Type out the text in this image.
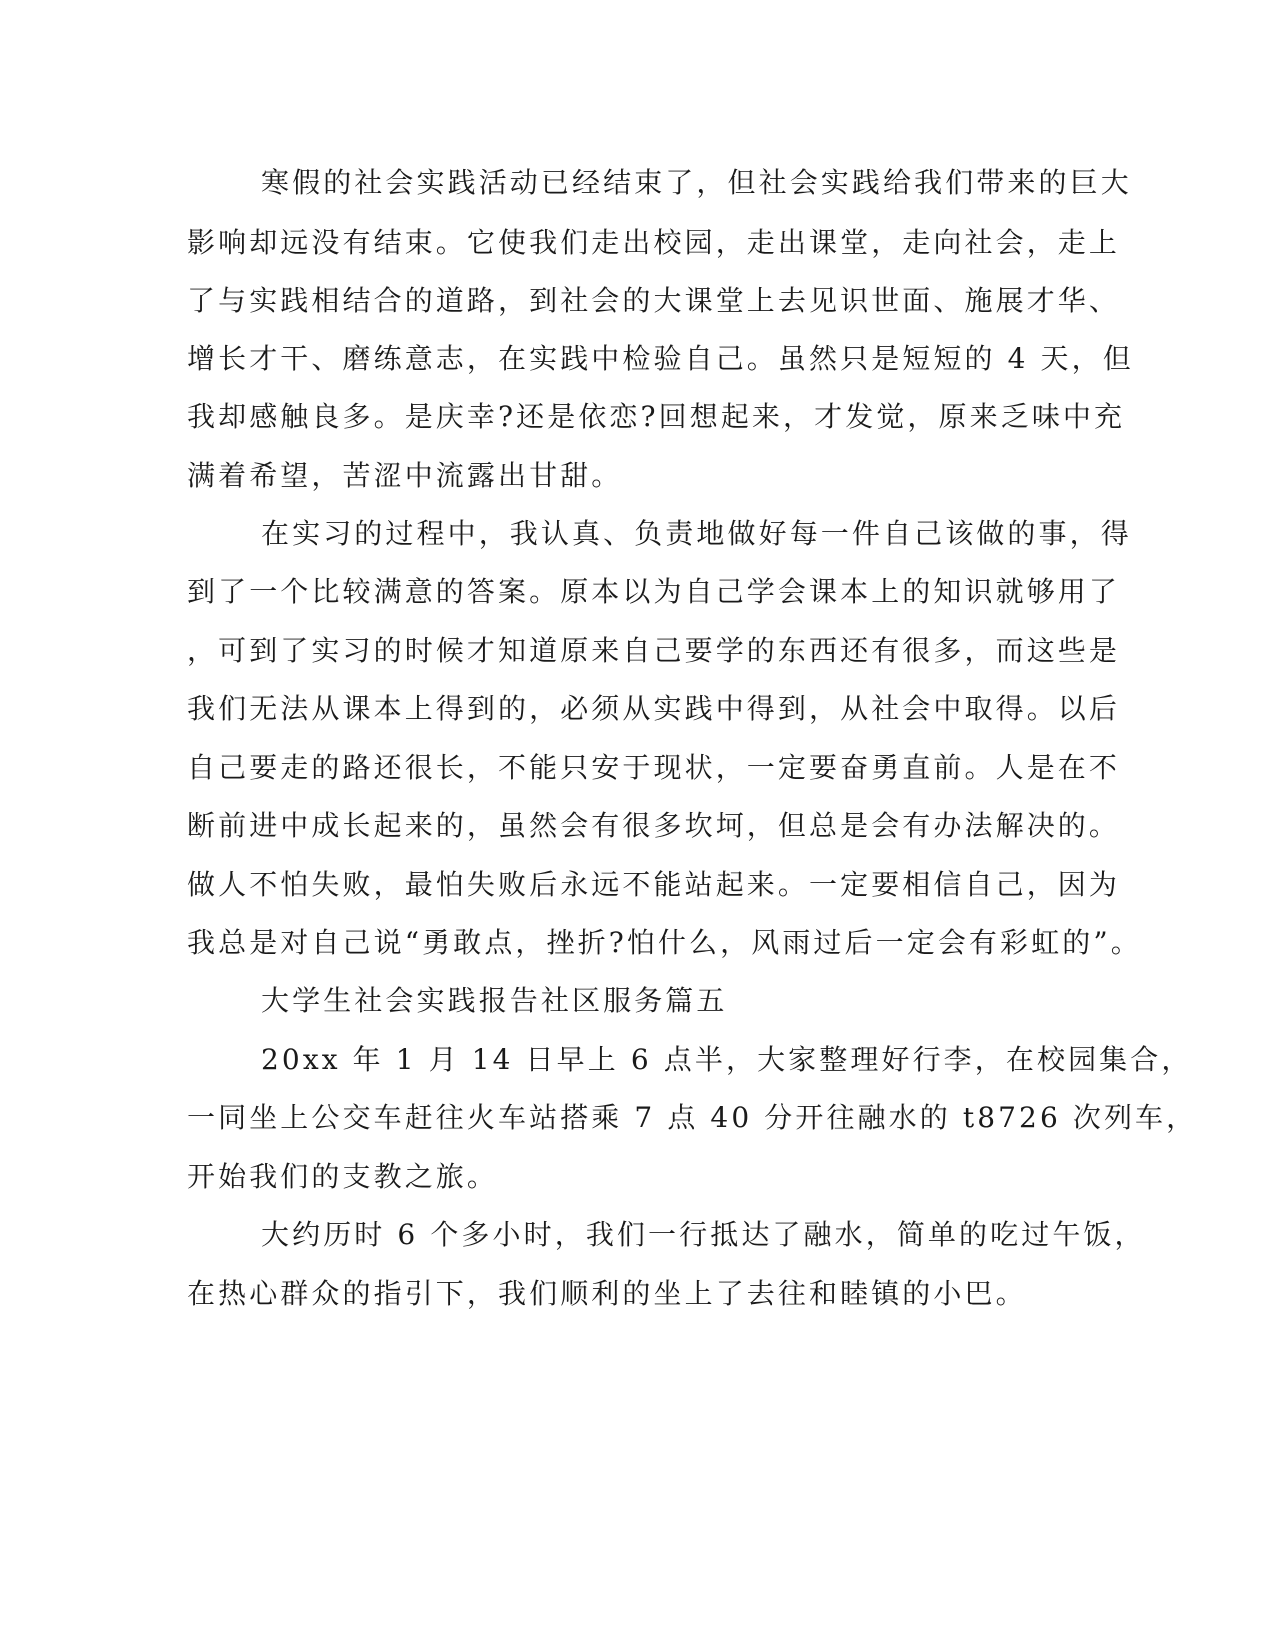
寒假的社会实践活动已经结束了，但社会实践给我们带来的巨大
影响却远没有结束。它使我们走出校园，走出课堂，走向社会，走上
了与实践相结合的道路，到社会的大课堂上去见识世面、施展才华、
增长才干、磨练意志，在实践中检验自己。虽然只是短短的 4 天，但
我却感触良多。是庆幸?还是依恋?回想起来，才发觉，原来乏味中充
满着希望，苦涩中流露出甘甜。
在实习的过程中，我认真、负责地做好每一件自己该做的事，得
到了一个比较满意的答案。原本以为自己学会课本上的知识就够用了
，可到了实习的时候才知道原来自己要学的东西还有很多，而这些是
我们无法从课本上得到的，必须从实践中得到，从社会中取得。以后
自己要走的路还很长，不能只安于现状，一定要奋勇直前。人是在不
断前进中成长起来的，虽然会有很多坎坷，但总是会有办法解决的。
做人不怕失败，最怕失败后永远不能站起来。一定要相信自己，因为
我总是对自己说“勇敢点，挫折?怕什么，风雨过后一定会有彩虹的”。
大学生社会实践报告社区服务篇五
20xx 年 1 月 14 日早上 6 点半，大家整理好行李，在校园集合，
一同坐上公交车赶往火车站搭乘 7 点 40 分开往融水的 t8726 次列车，
开始我们的支教之旅。
大约历时 6 个多小时，我们一行抵达了融水，简单的吃过午饭，
在热心群众的指引下，我们顺利的坐上了去往和睦镇的小巴。
